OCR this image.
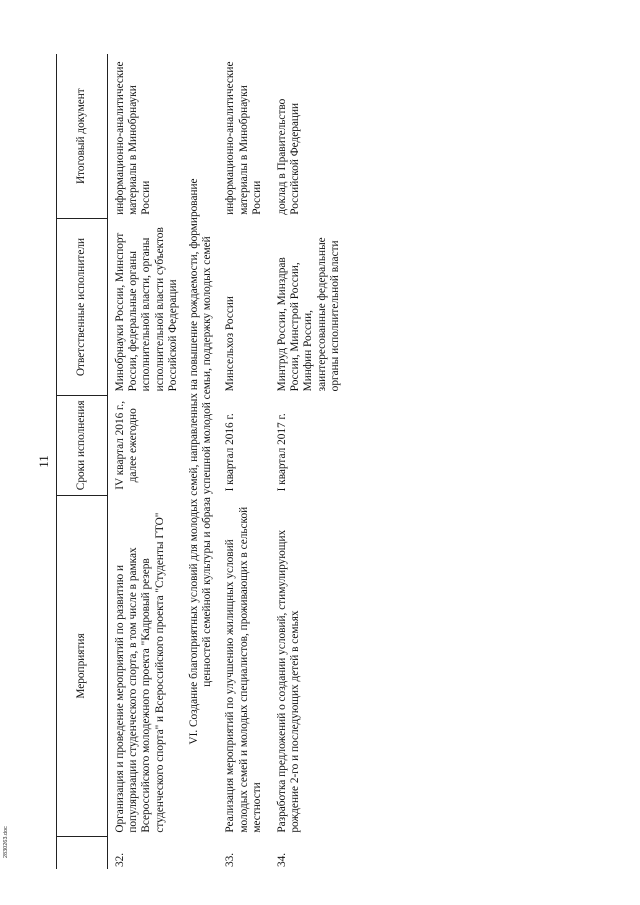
11
	Мероприятия	Сроки исполнения	Ответственные исполнители	Итоговый документ
32.	Организация и проведение мероприятий по развитию и популяризации студенческого спорта, в том числе в рамках Всероссийского молодежного проекта "Кадровый резерв студенческого спорта" и Всероссийского проекта "Студенты ГТО"	IV квартал 2016 г., далее ежегодно	Минобрнауки России, Минспорт России, федеральные органы исполнительной власти, органы исполнительной власти субъектов Российской Федерации	информационно-аналитические материалы в Минобрнауки России

VI. Создание благоприятных условий для молодых семей, направленных на повышение рождаемости, формирование ценностей семейной культуры и образа успешной молодой семьи, поддержку молодых семей				

33.	Реализация мероприятий по улучшению жилищных условий молодых семей и молодых специалистов, проживающих в сельской местности	I квартал 2016 г.	Минсельхоз России	информационно-аналитические материалы в Минобрнауки России
34.	Разработка предложений о создании условий, стимулирующих рождение 2-го и последующих детей в семьях	I квартал 2017 г.	Минтруд России, Минздрав России, Минстрой России, Минфин России, заинтересованные федеральные органы исполнительной власти	доклад в Правительство Российской Федерации
2830263.doc
